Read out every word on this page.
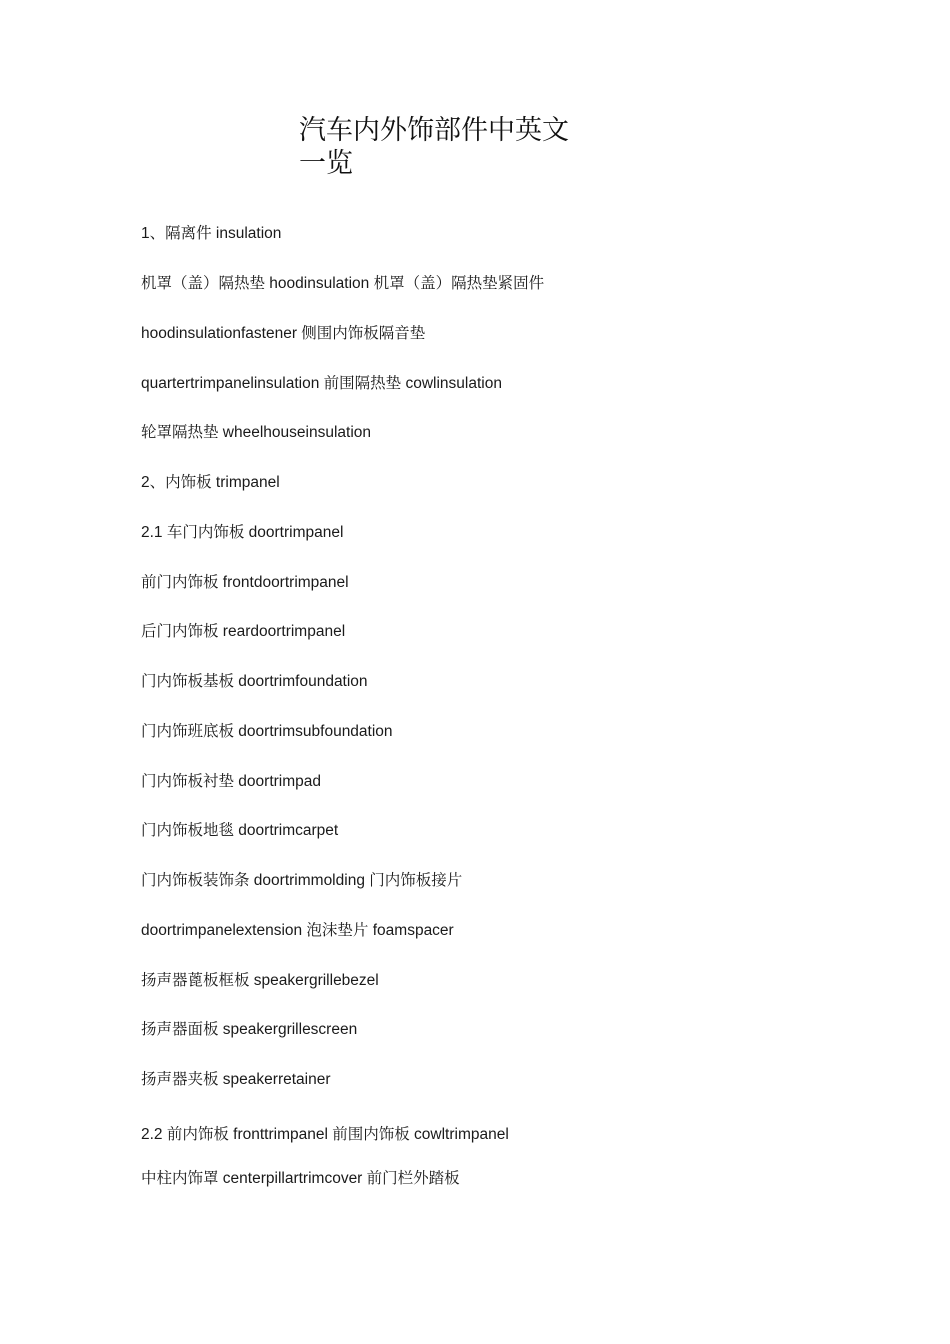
汽车内外饰部件中英文一览
1、隔离件 insulation
机罩（盖）隔热垫 hoodinsulation 机罩（盖）隔热垫紧固件
hoodinsulationfastener 侧围内饰板隔音垫
quartertrimpanelinsulation 前围隔热垫 cowlinsulation
轮罩隔热垫 wheelhouseinsulation
2、内饰板 trimpanel
2.1 车门内饰板 doortrimpanel
前门内饰板 frontdoortrimpanel
后门内饰板 reardoortrimpanel
门内饰板基板 doortrimfoundation
门内饰班底板 doortrimsubfoundation
门内饰板衬垫 doortrimpad
门内饰板地毯 doortrimcarpet
门内饰板装饰条 doortrimmolding 门内饰板接片
doortrimpanelextension 泡沫垫片 foamspacer
扬声器蓖板框板 speakergrillebezel
扬声器面板 speakergrillescreen
扬声器夹板 speakerretainer
2.2 前内饰板 fronttrimpanel 前围内饰板 cowltrimpanel
中柱内饰罩 centerpillartrimcover 前门栏外踏板
